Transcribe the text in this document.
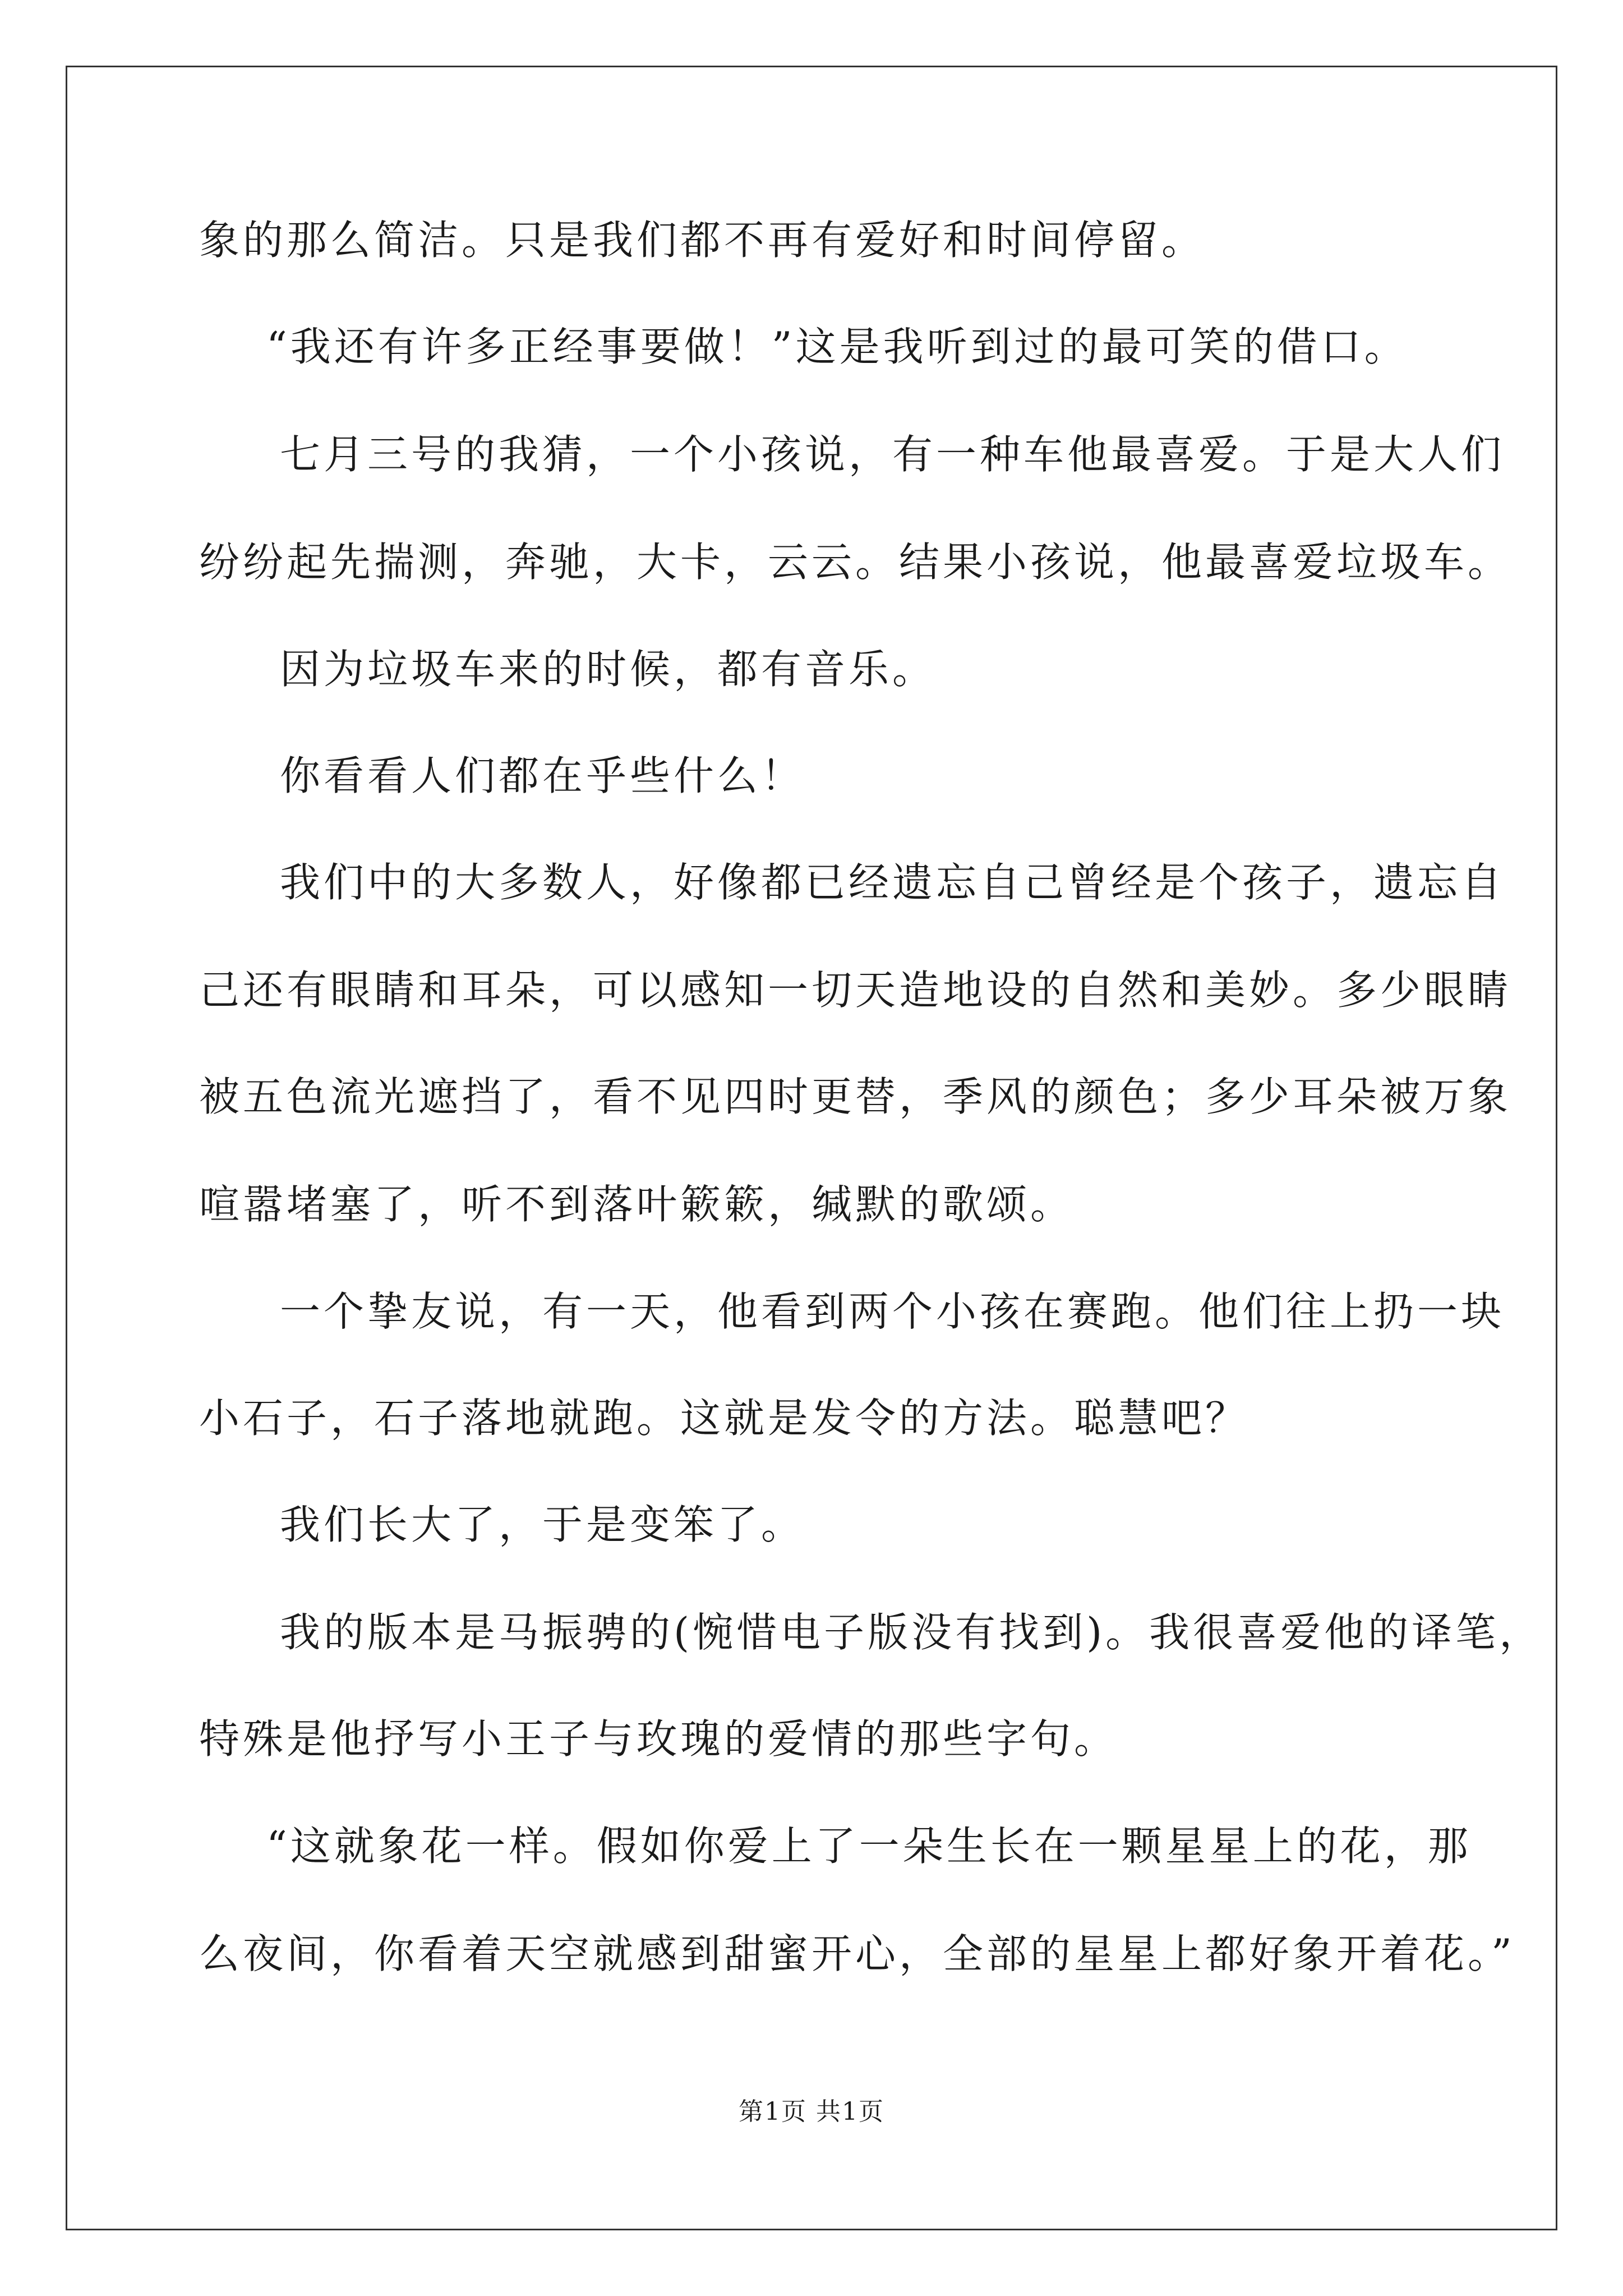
象的那么简洁。只是我们都不再有爱好和时间停留。
“我还有许多正经事要做！”这是我听到过的最可笑的借口。
七月三号的我猜，一个小孩说，有一种车他最喜爱。于是大人们
纷纷起先揣测，奔驰，大卡，云云。结果小孩说，他最喜爱垃圾车。
因为垃圾车来的时候，都有音乐。
你看看人们都在乎些什么！
我们中的大多数人，好像都已经遗忘自己曾经是个孩子，遗忘自
己还有眼睛和耳朵，可以感知一切天造地设的自然和美妙。多少眼睛
被五色流光遮挡了，看不见四时更替，季风的颜色；多少耳朵被万象
喧嚣堵塞了，听不到落叶簌簌，缄默的歌颂。
一个挚友说，有一天，他看到两个小孩在赛跑。他们往上扔一块
小石子，石子落地就跑。这就是发令的方法。聪慧吧？
我们长大了，于是变笨了。
我的版本是马振骋的(惋惜电子版没有找到)。我很喜爱他的译笔，
特殊是他抒写小王子与玫瑰的爱情的那些字句。
“这就象花一样。假如你爱上了一朵生长在一颗星星上的花，那
么夜间，你看着天空就感到甜蜜开心，全部的星星上都好象开着花。”
第1页 共1页
